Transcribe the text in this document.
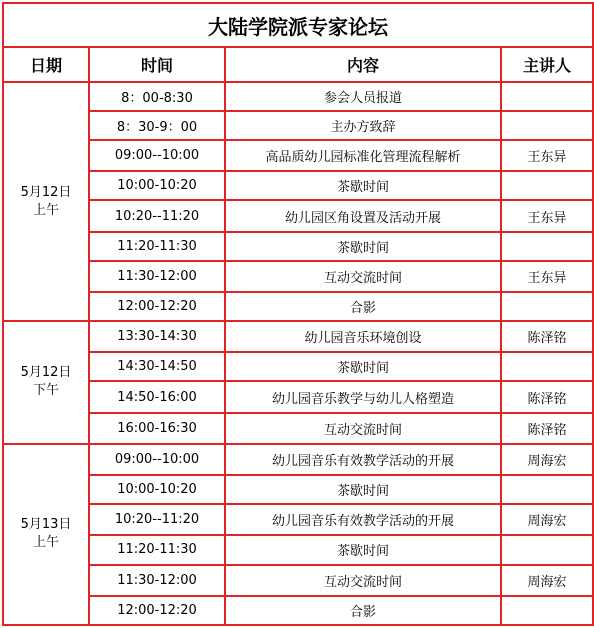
大陆学院派专家论坛			
日期	时间	内容	主讲人

5月12日
上午	8：00-8:30	参会人员报道	
	8：30-9：00	主办方致辞	
	09:00--10:00	高品质幼儿园标准化管理流程解析	王东异
	10:00-10:20	茶歇时间	
	10:20--11:20	幼儿园区角设置及活动开展	王东异
	11:20-11:30	茶歇时间	
	11:30-12:00	互动交流时间	王东异
	12:00-12:20	合影	

5月12日
下午	13:30-14:30	幼儿园音乐环境创设	陈泽铭
	14:30-14:50	茶歇时间	
	14:50-16:00	幼儿园音乐教学与幼儿人格塑造	陈泽铭
	16:00-16:30	互动交流时间	陈泽铭

5月13日
上午	09:00--10:00	幼儿园音乐有效教学活动的开展	周海宏
	10:00-10:20	茶歇时间	
	10:20--11:20	幼儿园音乐有效教学活动的开展	周海宏
	11:20-11:30	茶歇时间	
	11:30-12:00	互动交流时间	周海宏
	12:00-12:20	合影	
